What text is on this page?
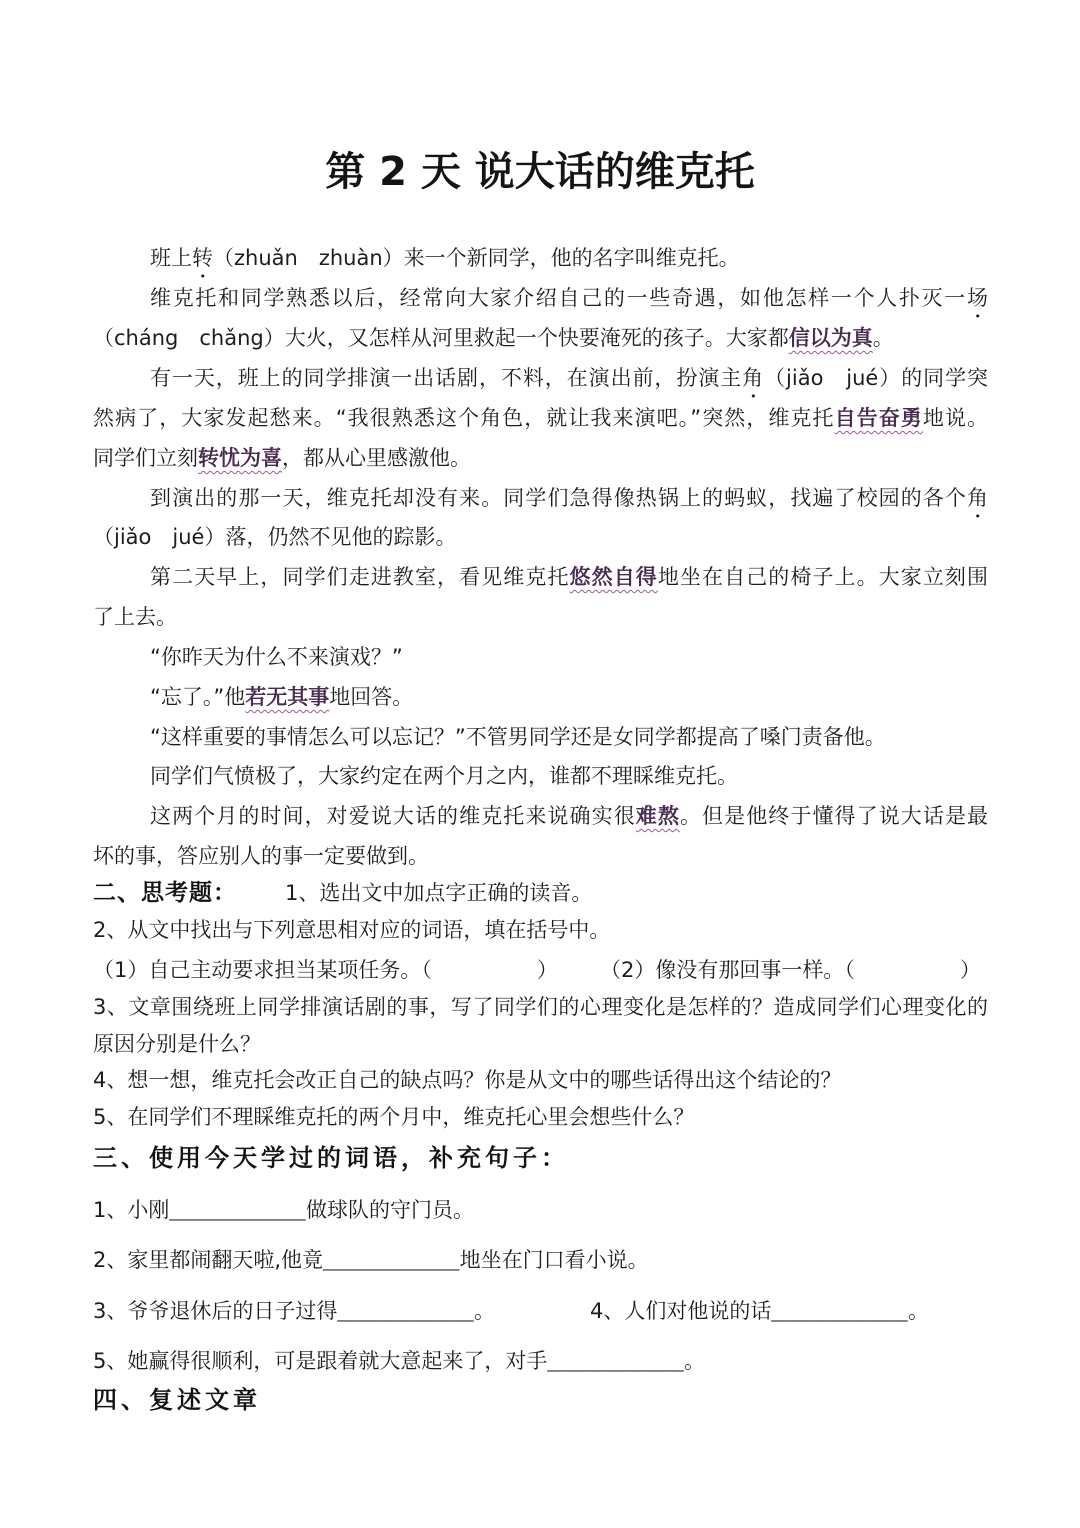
第 2 天 说大话的维克托
班上转（zhuǎn　zhuàn）来一个新同学，他的名字叫维克托。
维克托和同学熟悉以后，经常向大家介绍自己的一些奇遇，如他怎样一个人扑灭一场
（cháng　chǎng）大火，又怎样从河里救起一个快要淹死的孩子。大家都信以为真。
有一天，班上的同学排演一出话剧，不料，在演出前，扮演主角（jiǎo　jué）的同学突
然病了，大家发起愁来。“我很熟悉这个角色，就让我来演吧。”突然，维克托自告奋勇地说。
同学们立刻转忧为喜，都从心里感激他。
到演出的那一天，维克托却没有来。同学们急得像热锅上的蚂蚁，找遍了校园的各个角
（jiǎo　jué）落，仍然不见他的踪影。
第二天早上，同学们走进教室，看见维克托悠然自得地坐在自己的椅子上。大家立刻围
了上去。
“你昨天为什么不来演戏？”
“忘了。”他若无其事地回答。
“这样重要的事情怎么可以忘记？”不管男同学还是女同学都提高了嗓门责备他。
同学们气愤极了，大家约定在两个月之内，谁都不理睬维克托。
这两个月的时间，对爱说大话的维克托来说确实很难熬。但是他终于懂得了说大话是最
坏的事，答应别人的事一定要做到。
二、思考题： 1、选出文中加点字正确的读音。
2、从文中找出与下列意思相对应的词语，填在括号中。
（1）自己主动要求担当某项任务。（　　　　　） （2）像没有那回事一样。（　　　　　）
3、文章围绕班上同学排演话剧的事，写了同学们的心理变化是怎样的？造成同学们心理变化的
原因分别是什么？
4、想一想，维克托会改正自己的缺点吗？你是从文中的哪些话得出这个结论的？
5、在同学们不理睬维克托的两个月中，维克托心里会想些什么？
三、使用今天学过的词语，补充句子：
1、小刚______________做球队的守门员。
2、家里都闹翻天啦,他竟______________地坐在门口看小说。
3、爷爷退休后的日子过得______________。	4、人们对他说的话______________。
5、她赢得很顺利，可是跟着就大意起来了，对手______________。
四、复述文章
